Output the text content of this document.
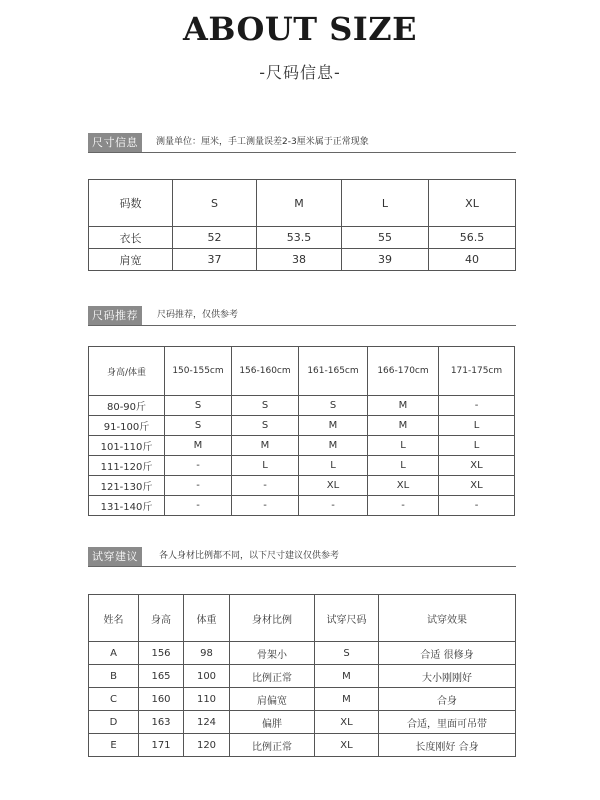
ABOUT SIZE
-尺码信息-
尺寸信息	测量单位：厘米，手工测量误差2-3厘米属于正常现象
码数	S	M	L	XL
衣长	52	53.5	55	56.5
肩宽	37	38	39	40
尺码推荐	尺码推荐，仅供参考
身高/体重	150-155cm	156-160cm	161-165cm	166-170cm	171-175cm
80-90斤	S	S	S	M	-
91-100斤	S	S	M	M	L
101-110斤	M	M	M	L	L
111-120斤	-	L	L	L	XL
121-130斤	-	-	XL	XL	XL
131-140斤	-	-	-	-	-
试穿建议	各人身材比例都不同，以下尺寸建议仅供参考
姓名	身高	体重	身材比例	试穿尺码	试穿效果
A	156	98	骨架小	S	合适 很修身
B	165	100	比例正常	M	大小刚刚好
C	160	110	肩偏宽	M	合身
D	163	124	偏胖	XL	合适，里面可吊带
E	171	120	比例正常	XL	长度刚好 合身
